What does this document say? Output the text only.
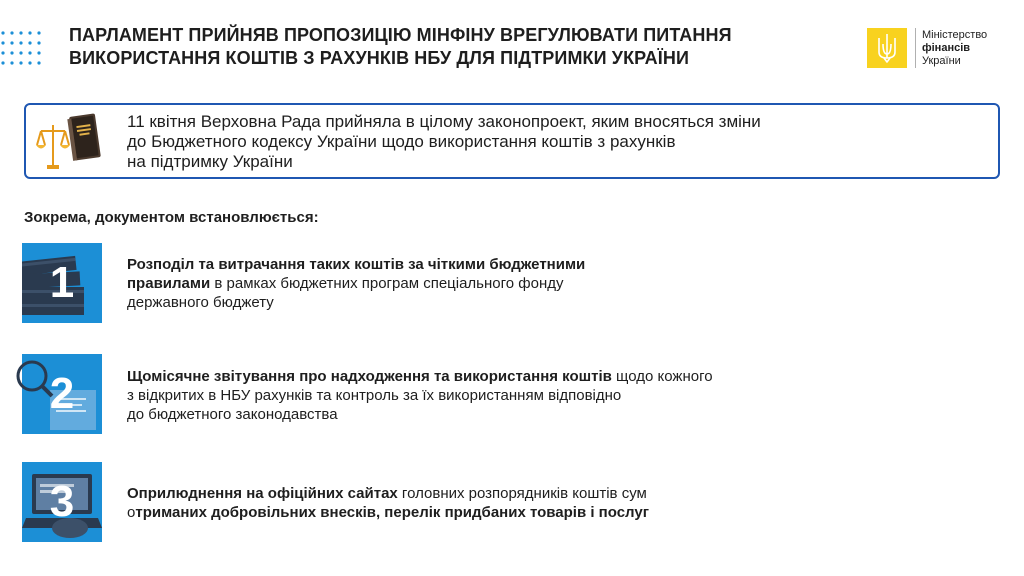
ПАРЛАМЕНТ ПРИЙНЯВ ПРОПОЗИЦІЮ МІНФІНУ ВРЕГУЛЮВАТИ ПИТАННЯ
ВИКОРИСТАННЯ КОШТІВ З РАХУНКІВ НБУ ДЛЯ ПІДТРИМКИ УКРАЇНИ
Міністерство
фінансів
України
11 квітня Верховна Рада прийняла в цілому законопроект, яким вносяться зміни
до Бюджетного кодексу України щодо використання коштів з рахунків
на підтримку України
Зокрема, документом встановлюється:
1	Розподіл та витрачання таких коштів за чіткими бюджетними
правилами в рамках бюджетних програм спеціального фонду
державного бюджету
2	Щомісячне звітування про надходження та використання коштів щодо кожного
з відкритих в НБУ рахунків та контроль за їх використанням відповідно
до бюджетного законодавства
3	Оприлюднення на офіційних сайтах головних розпорядників коштів сум
отриманих добровільних внесків, перелік придбаних товарів і послуг
